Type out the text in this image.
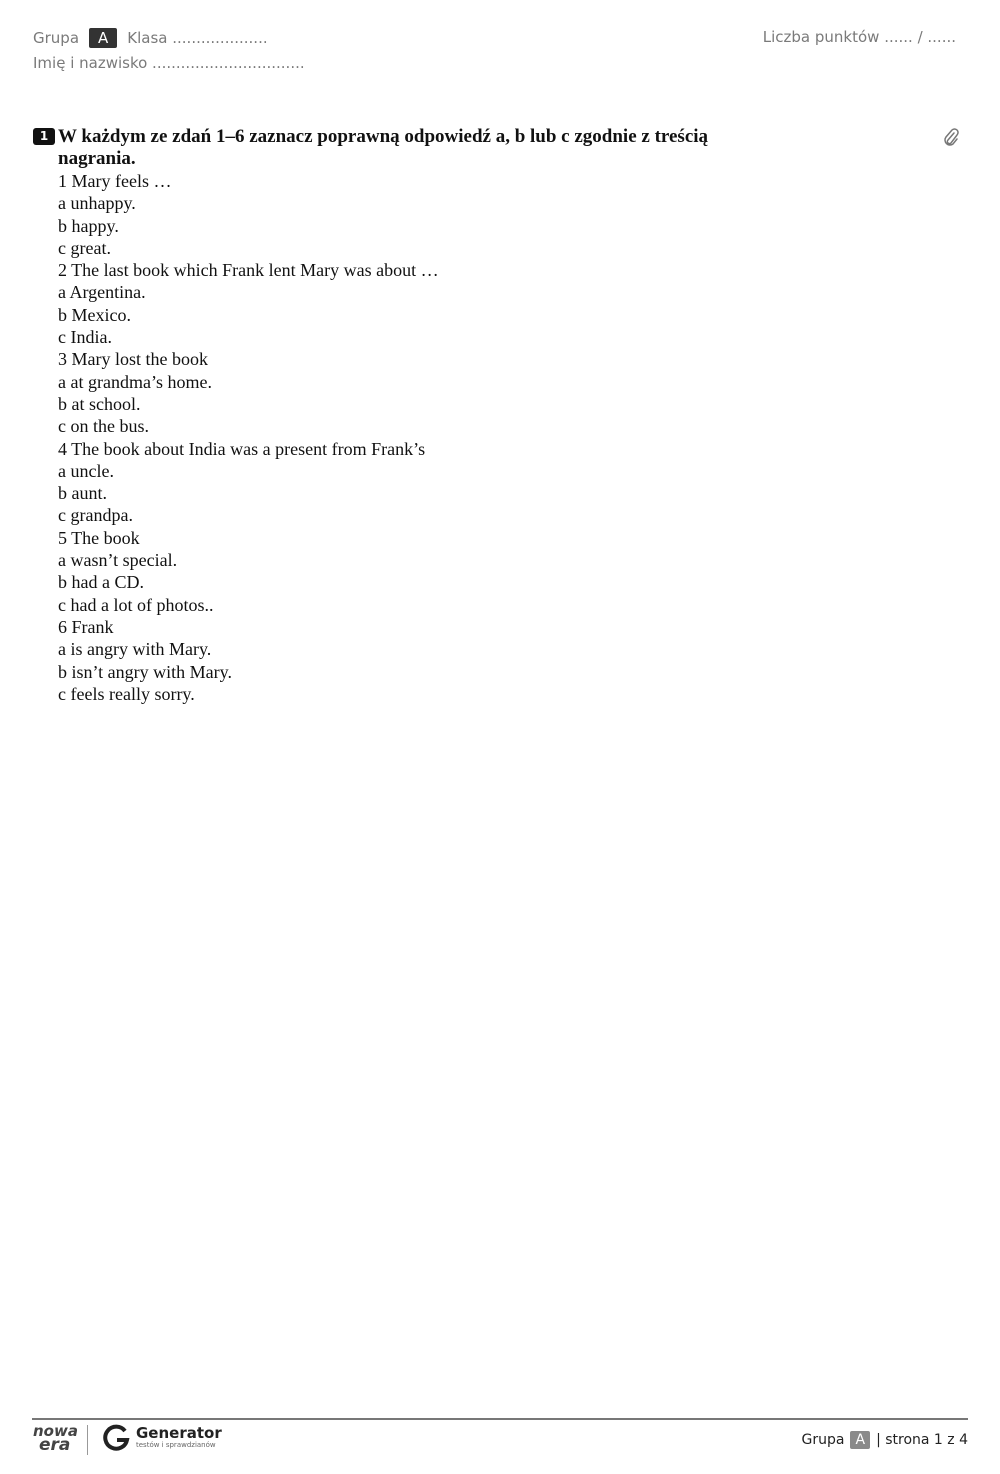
Grupa	A	Klasa ....................
Imię i nazwisko ................................
Liczba punktów ...... / ......
1 W każdym ze zdań 1–6 zaznacz poprawną odpowiedź a, b lub c zgodnie z treścią
nagrania.
1 Mary feels …
a unhappy.
b happy.
c great.
2 The last book which Frank lent Mary was about …
a Argentina.
b Mexico.
c India.
3 Mary lost the book
a at grandma’s home.
b at school.
c on the bus.
4 The book about India was a present from Frank’s
a uncle.
b aunt.
c grandpa.
5 The book
a wasn’t special.
b had a CD.
c had a lot of photos..
6 Frank
a is angry with Mary.
b isn’t angry with Mary.
c feels really sorry.
nowa
era
Generator
testów i sprawdzianów	Grupa A | strona 1 z 4
